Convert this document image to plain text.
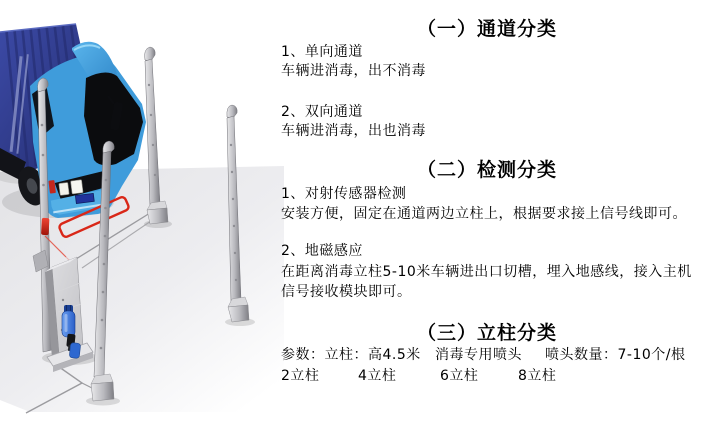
（一）通道分类
1、单向通道
车辆进消毒，出不消毒
2、双向通道
车辆进消毒，出也消毒
（二）检测分类
1、对射传感器检测
安装方便，固定在通道两边立柱上，根据要求接上信号线即可。
2、地磁感应
在距离消毒立柱5-10米车辆进出口切槽，埋入地感线，接入主机信号接收模块即可。
（三）立柱分类
参数：立柱：高4.5米 消毒专用喷头 喷头数量：7-10个/根
2立柱	4立柱	6立柱	8立柱
